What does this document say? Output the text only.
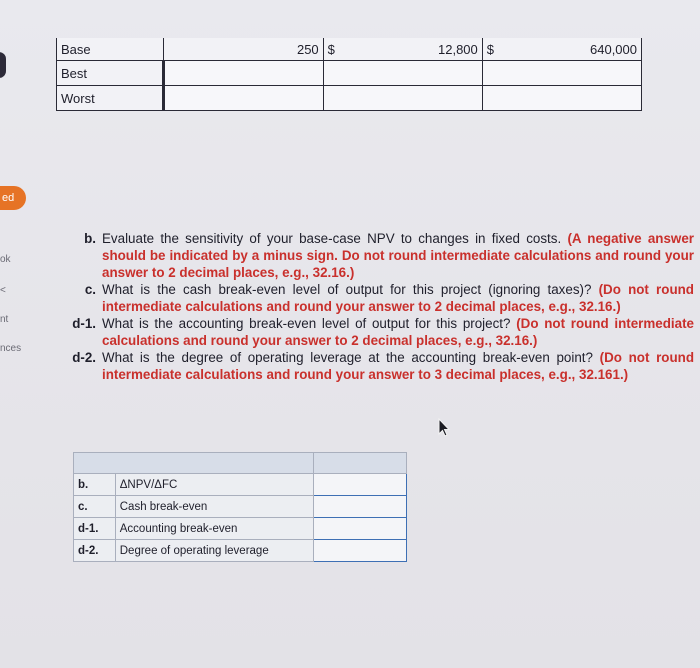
ed
ok
<
nt
nces
Base	250	$ 12,800	$ 640,000
Best			
Worst			
b. Evaluate the sensitivity of your base-case NPV to changes in fixed costs. (A negative answer should be indicated by a minus sign. Do not round intermediate calculations and round your answer to 2 decimal places, e.g., 32.16.)
c. What is the cash break-even level of output for this project (ignoring taxes)? (Do not round intermediate calculations and round your answer to 2 decimal places, e.g., 32.16.)
d-1. What is the accounting break-even level of output for this project? (Do not round intermediate calculations and round your answer to 2 decimal places, e.g., 32.16.)
d-2. What is the degree of operating leverage at the accounting break-even point? (Do not round intermediate calculations and round your answer to 3 decimal places, e.g., 32.161.)

b.	ΔNPV/ΔFC	
c.	Cash break-even	
d-1.	Accounting break-even	
d-2.	Degree of operating leverage	
